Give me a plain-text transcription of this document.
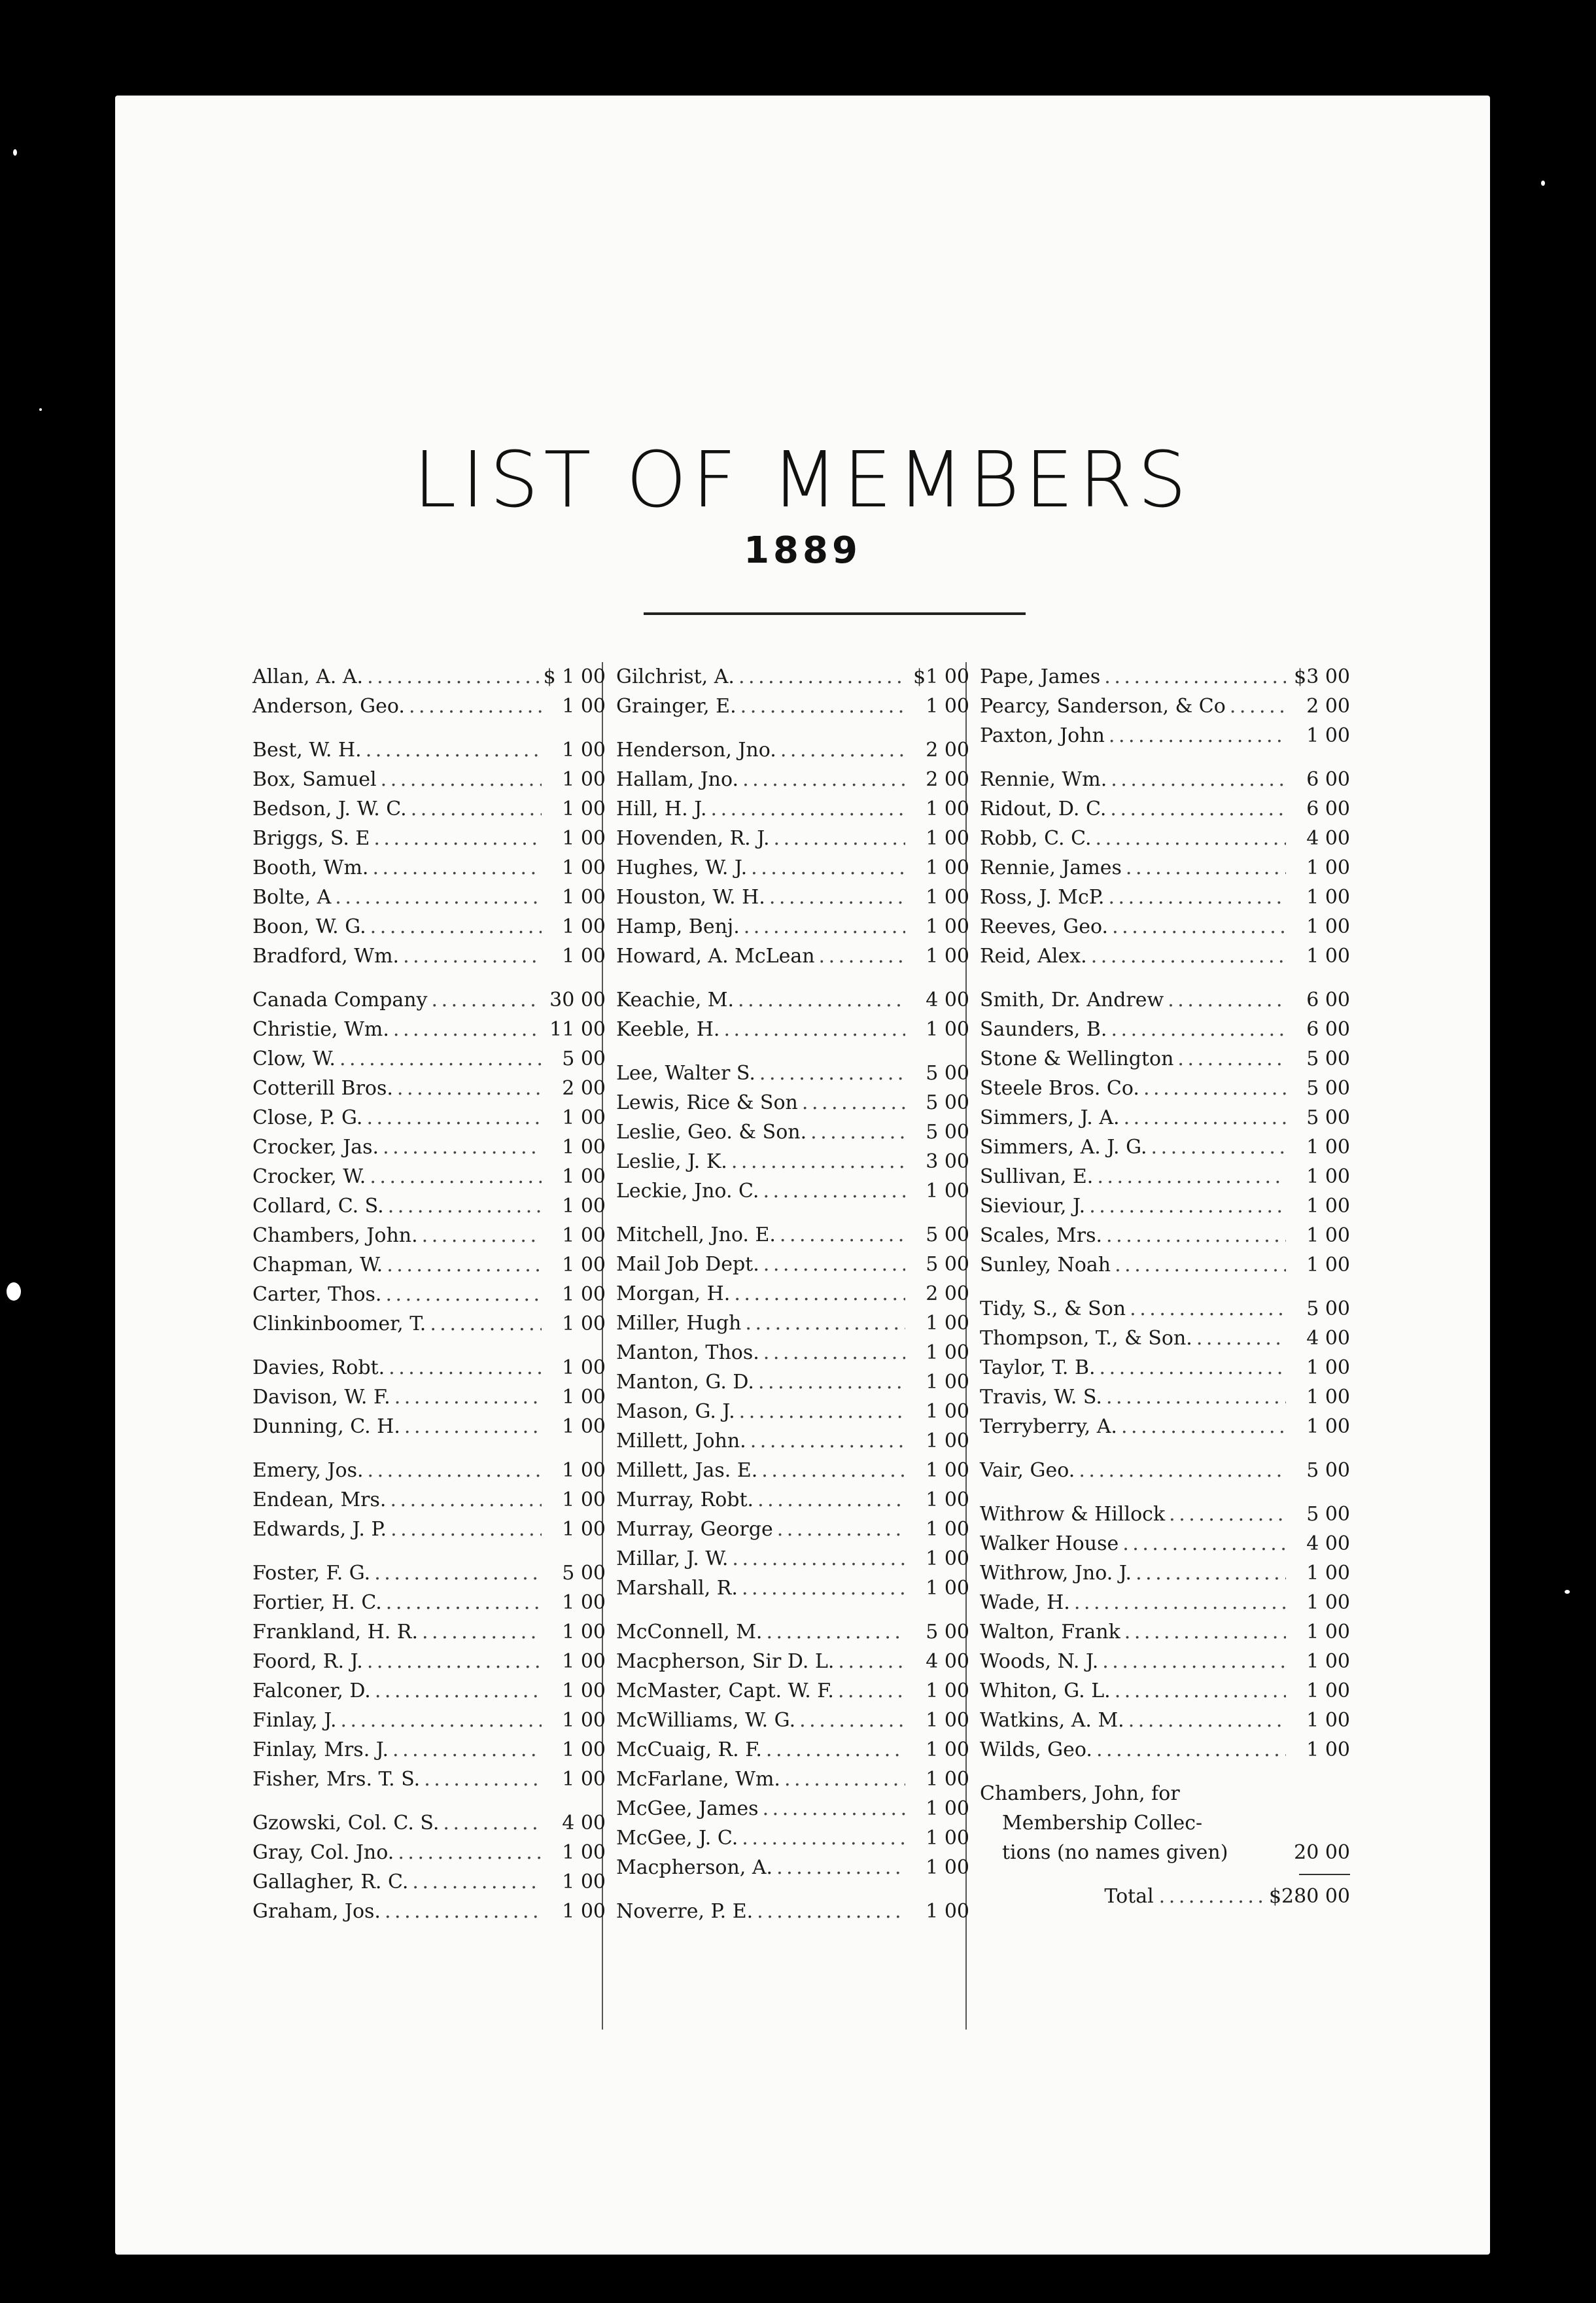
LIST OF MEMBERS
1889
Allan, A. A. . . .	$ 1 00
Anderson, Geo. . . .	1 00
Best, W. H. . . .	1 00
Box, Samuel . . .	1 00
Bedson, J. W. C. . . .	1 00
Briggs, S. E . . .	1 00
Booth, Wm. . . .	1 00
Bolte, A . . .	1 00
Boon, W. G. . . .	1 00
Bradford, Wm. . . .	1 00
Canada Company . . .	30 00
Christie, Wm. . . .	11 00
Clow, W. . . .	5 00
Cotterill Bros. . . .	2 00
Close, P. G. . . .	1 00
Crocker, Jas. . . .	1 00
Crocker, W. . . .	1 00
Collard, C. S. . . .	1 00
Chambers, John. . . .	1 00
Chapman, W. . . .	1 00
Carter, Thos. . . .	1 00
Clinkinboomer, T. . . .	1 00
Davies, Robt. . . .	1 00
Davison, W. F. . . .	1 00
Dunning, C. H. . . .	1 00
Emery, Jos. . . .	1 00
Endean, Mrs. . . .	1 00
Edwards, J. P. . . .	1 00
Foster, F. G. . . .	5 00
Fortier, H. C. . . .	1 00
Frankland, H. R. . . .	1 00
Foord, R. J. . . .	1 00
Falconer, D. . . .	1 00
Finlay, J. . . .	1 00
Finlay, Mrs. J. . . .	1 00
Fisher, Mrs. T. S. . . .	1 00
Gzowski, Col. C. S. . . .	4 00
Gray, Col. Jno. . . .	1 00
Gallagher, R. C. . . .	1 00
Graham, Jos. . . .	1 00
Gilchrist, A. . . .	$1 00
Grainger, E. . . .	1 00
Henderson, Jno. . . .	2 00
Hallam, Jno. . . .	2 00
Hill, H. J. . . .	1 00
Hovenden, R. J. . . .	1 00
Hughes, W. J. . . .	1 00
Houston, W. H. . . .	1 00
Hamp, Benj. . . .	1 00
Howard, A. McLean . . .	1 00
Keachie, M. . . .	4 00
Keeble, H. . . .	1 00
Lee, Walter S. . . .	5 00
Lewis, Rice & Son . . .	5 00
Leslie, Geo. & Son. . . .	5 00
Leslie, J. K. . . .	3 00
Leckie, Jno. C. . . .	1 00
Mitchell, Jno. E. . . .	5 00
Mail Job Dept. . . .	5 00
Morgan, H. . . .	2 00
Miller, Hugh . . .	1 00
Manton, Thos. . . .	1 00
Manton, G. D. . . .	1 00
Mason, G. J. . . .	1 00
Millett, John. . . .	1 00
Millett, Jas. E. . . .	1 00
Murray, Robt. . . .	1 00
Murray, George . . .	1 00
Millar, J. W. . . .	1 00
Marshall, R. . . .	1 00
McConnell, M. . . .	5 00
Macpherson, Sir D. L. . . .	4 00
McMaster, Capt. W. F. . . .	1 00
McWilliams, W. G. . . .	1 00
McCuaig, R. F. . . .	1 00
McFarlane, Wm. . . .	1 00
McGee, James . . .	1 00
McGee, J. C. . . .	1 00
Macpherson, A. . . .	1 00
Noverre, P. E. . . .	1 00
Pape, James . . .	$3 00
Pearcy, Sanderson, & Co . . .	2 00
Paxton, John . . .	1 00
Rennie, Wm. . . .	6 00
Ridout, D. C. . . .	6 00
Robb, C. C. . . .	4 00
Rennie, James . . .	1 00
Ross, J. McP. . . .	1 00
Reeves, Geo. . . .	1 00
Reid, Alex. . . .	1 00
Smith, Dr. Andrew . . .	6 00
Saunders, B. . . .	6 00
Stone & Wellington . . .	5 00
Steele Bros. Co. . . .	5 00
Simmers, J. A. . . .	5 00
Simmers, A. J. G. . . .	1 00
Sullivan, E. . . .	1 00
Sieviour, J. . . .	1 00
Scales, Mrs. . . .	1 00
Sunley, Noah . . .	1 00
Tidy, S., & Son . . .	5 00
Thompson, T., & Son. . . .	4 00
Taylor, T. B. . . .	1 00
Travis, W. S. . . .	1 00
Terryberry, A. . . .	1 00
Vair, Geo. . . .	5 00
Withrow & Hillock . . .	5 00
Walker House . . .	4 00
Withrow, Jno. J. . . .	1 00
Wade, H. . . .	1 00
Walton, Frank . . .	1 00
Woods, N. J. . . .	1 00
Whiton, G. L. . . .	1 00
Watkins, A. M. . . .	1 00
Wilds, Geo. . . .	1 00
Chambers, John, for
Membership Collec-
tions (no names given)	20 00
Total . . . . . . . . . . . $280 00
